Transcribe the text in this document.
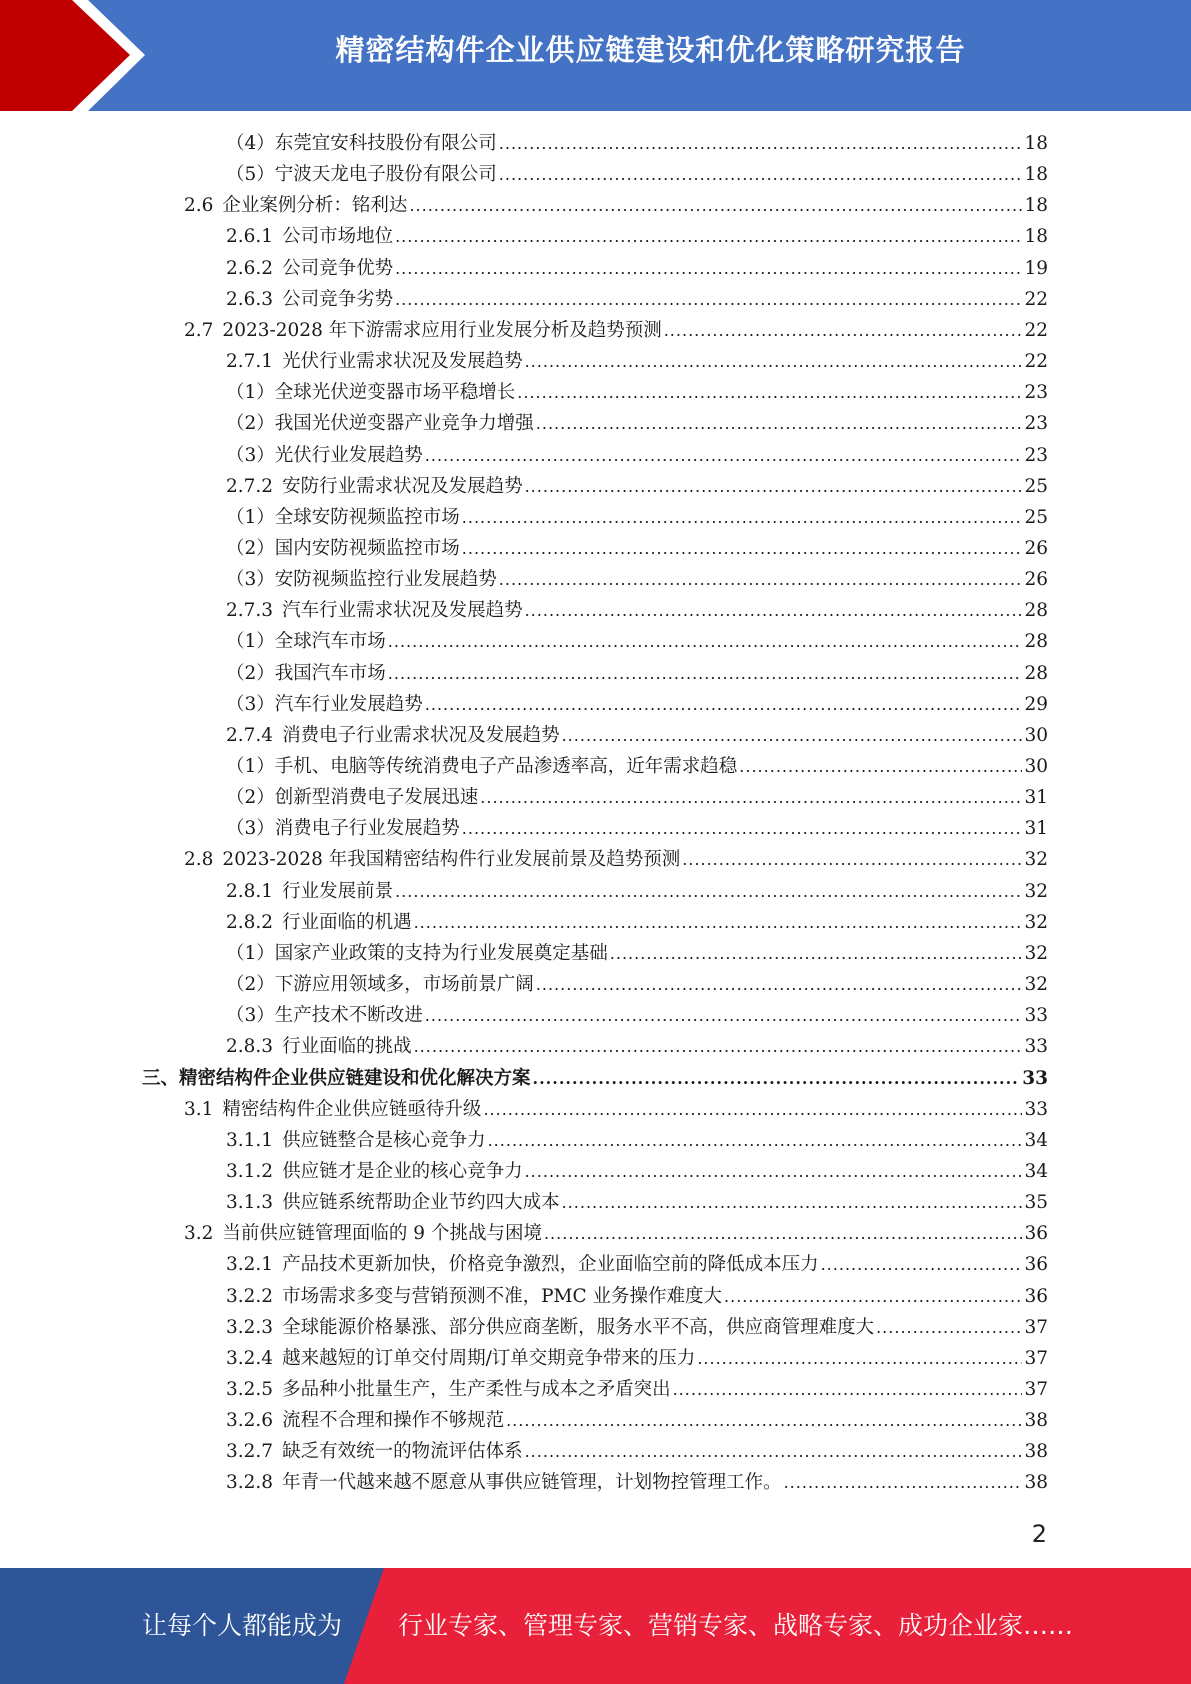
精密结构件企业供应链建设和优化策略研究报告
（4） 东莞宜安科技股份有限公司 .....	18
（5） 宁波天龙电子股份有限公司 .....	18
2.6 企业案例分析：铭利达 .....	18
2.6.1 公司市场地位 .....	18
2.6.2 公司竞争优势 .....	19
2.6.3 公司竞争劣势 .....	22
2.7 2023-2028 年下游需求应用行业发展分析及趋势预测 .....	22
2.7.1 光伏行业需求状况及发展趋势 .....	22
（1） 全球光伏逆变器市场平稳增长 .....	23
（2） 我国光伏逆变器产业竞争力增强 .....	23
（3） 光伏行业发展趋势 .....	23
2.7.2 安防行业需求状况及发展趋势 .....	25
（1） 全球安防视频监控市场 .....	25
（2） 国内安防视频监控市场 .....	26
（3） 安防视频监控行业发展趋势 .....	26
2.7.3 汽车行业需求状况及发展趋势 .....	28
（1） 全球汽车市场 .....	28
（2） 我国汽车市场 .....	28
（3） 汽车行业发展趋势 .....	29
2.7.4 消费电子行业需求状况及发展趋势 .....	30
（1） 手机、电脑等传统消费电子产品渗透率高，近年需求趋稳 .....	30
（2） 创新型消费电子发展迅速 .....	31
（3） 消费电子行业发展趋势 .....	31
2.8 2023-2028 年我国精密结构件行业发展前景及趋势预测 .....	32
2.8.1 行业发展前景 .....	32
2.8.2 行业面临的机遇 .....	32
（1） 国家产业政策的支持为行业发展奠定基础 .....	32
（2） 下游应用领域多，市场前景广阔 .....	32
（3） 生产技术不断改进 .....	33
2.8.3 行业面临的挑战 .....	33
三、 精密结构件企业供应链建设和优化解决方案 .....	33
3.1 精密结构件企业供应链亟待升级 .....	33
3.1.1 供应链整合是核心竞争力 .....	34
3.1.2 供应链才是企业的核心竞争力 .....	34
3.1.3 供应链系统帮助企业节约四大成本 .....	35
3.2 当前供应链管理面临的 9 个挑战与困境 .....	36
3.2.1 产品技术更新加快，价格竞争激烈，企业面临空前的降低成本压力 .....	36
3.2.2 市场需求多变与营销预测不准，PMC 业务操作难度大 .....	36
3.2.3 全球能源价格暴涨、部分供应商垄断，服务水平不高，供应商管理难度大 .....	37
3.2.4 越来越短的订单交付周期/订单交期竞争带来的压力 .....	37
3.2.5 多品种小批量生产，生产柔性与成本之矛盾突出 .....	37
3.2.6 流程不合理和操作不够规范 .....	38
3.2.7 缺乏有效统一的物流评估体系 .....	38
3.2.8 年青一代越来越不愿意从事供应链管理，计划物控管理工作。 .....	38
2
让每个人都能成为 行业专家、管理专家、营销专家、战略专家、成功企业家……
